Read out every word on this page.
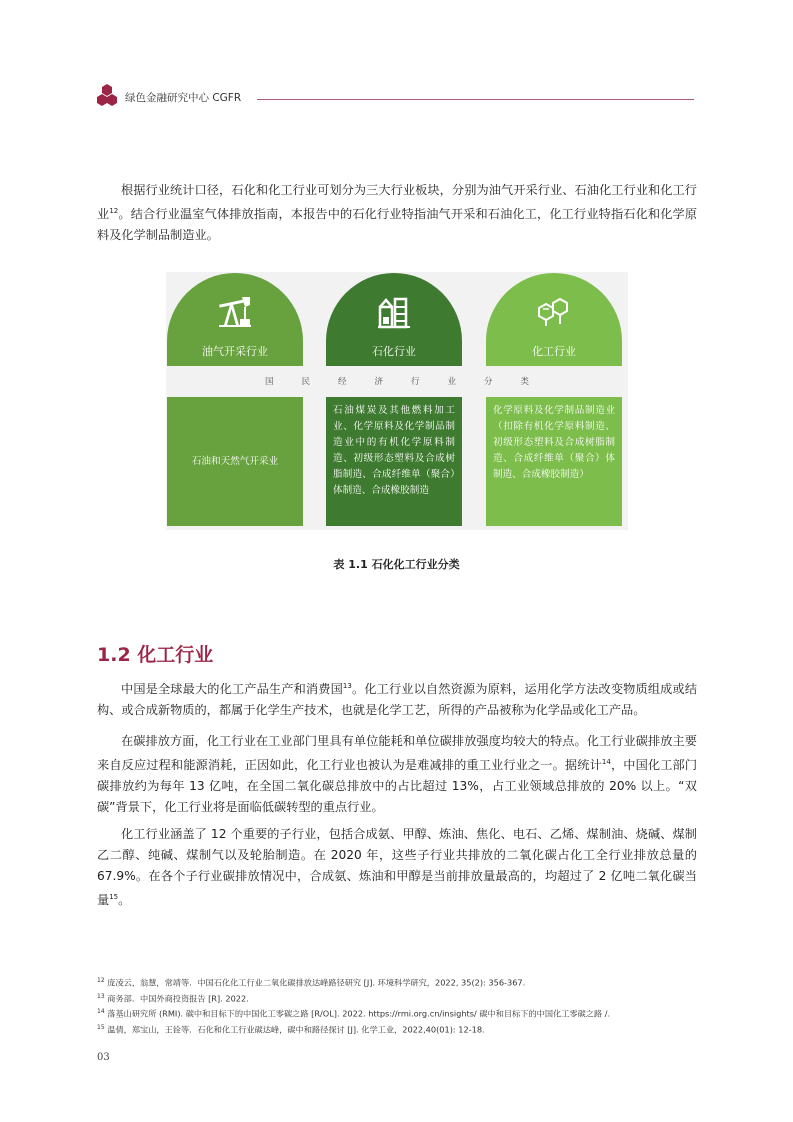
绿色金融研究中心 CGFR

根据行业统计口径，石化和化工行业可划分为三大行业板块，分别为油气开采行业、石油化工行业和化工行业$^{12}$。结合行业温室气体排放指南，本报告中的石化行业特指油气开采和石油化工，化工行业特指石化和化学原料及化学制品制造业。

油气开采行业	石化行业	化工行业
国民经济行业分类
石油和天然气开采业
石油煤炭及其他燃料加工业、化学原料及化学制品制造业中的有机化学原料制造、初级形态塑料及合成树脂制造、合成纤维单（聚合）体制造、合成橡胶制造
化学原料及化学制品制造业（扣除有机化学原料制造、初级形态塑料及合成树脂制造、合成纤维单（聚合）体制造、合成橡胶制造）
表 1.1 石化化工行业分类
1.2 化工行业

中国是全球最大的化工产品生产和消费国$^{13}$。化工行业以自然资源为原料，运用化学方法改变物质组成或结构、或合成新物质的，都属于化学生产技术，也就是化学工艺，所得的产品被称为化学品或化工产品。

在碳排放方面，化工行业在工业部门里具有单位能耗和单位碳排放强度均较大的特点。化工行业碳排放主要来自反应过程和能源消耗，正因如此，化工行业也被认为是难减排的重工业行业之一。据统计$^{14}$，中国化工部门碳排放约为每年 13 亿吨，在全国二氧化碳总排放中的占比超过 13%，占工业领域总排放的 20% 以上。“双碳”背景下，化工行业将是面临低碳转型的重点行业。

化工行业涵盖了 12 个重要的子行业，包括合成氨、甲醇、炼油、焦化、电石、乙烯、煤制油、烧碱、煤制乙二醇、纯碱、煤制气以及轮胎制造。在 2020 年，这些子行业共排放的二氧化碳占化工全行业排放总量的 67.9%。在各个子行业碳排放情况中，合成氨、炼油和甲醇是当前排放量最高的，均超过了 2 亿吨二氧化碳当量$^{15}$。

$^{12}$ 庞凌云，翁慧，常靖等．中国石化化工行业二氧化碳排放达峰路径研究 [J]. 环境科学研究，2022, 35(2): 356-367.
$^{13}$ 商务部．中国外商投资报告 [R]. 2022.
$^{14}$ 落基山研究所 (RMI). 碳中和目标下的中国化工零碳之路 [R/OL]. 2022. https://rmi.org.cn/insights/ 碳中和目标下的中国化工零碳之路 /.
$^{15}$ 温倩，郑宝山，王铨等．石化和化工行业碳达峰，碳中和路径探讨 [J]. 化学工业，2022,40(01): 12-18.
03
